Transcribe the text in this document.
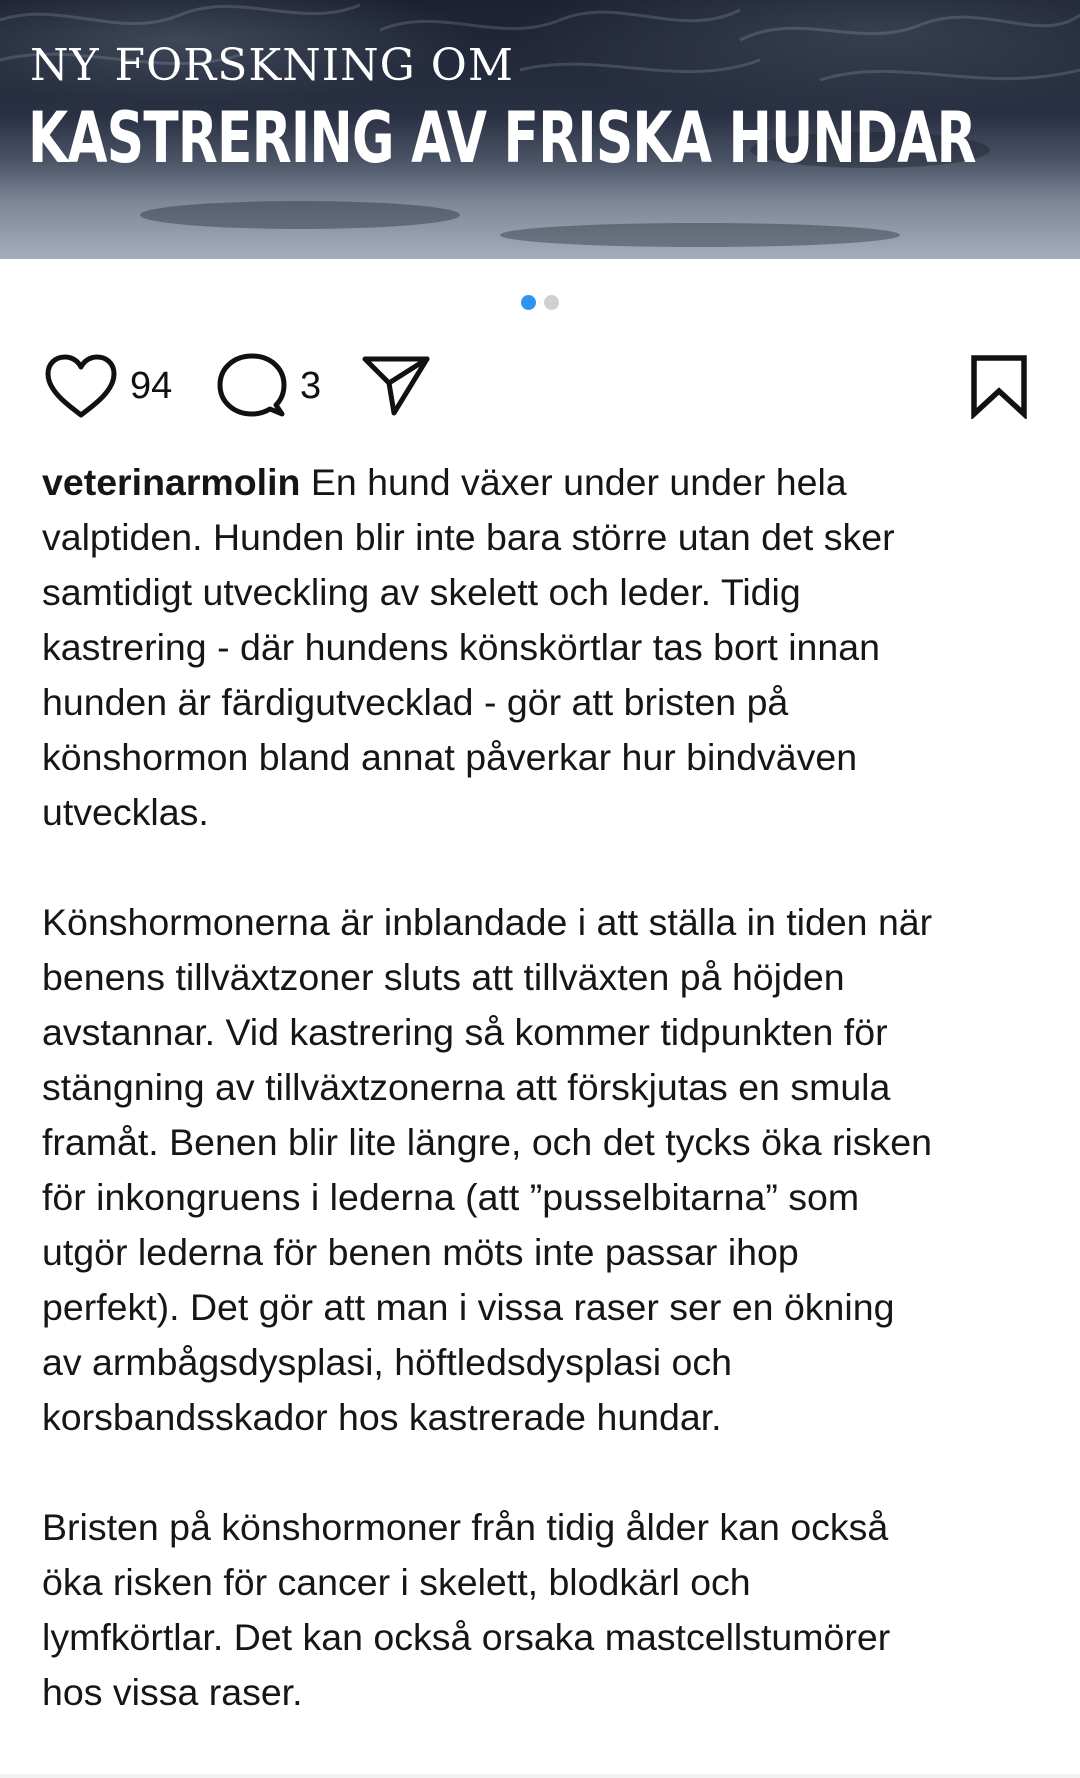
NY FORSKNING OM
KASTRERING AV FRISKA HUNDAR
94	3

veterinarmolin En hund växer under under hela
valptiden. Hunden blir inte bara större utan det sker
samtidigt utveckling av skelett och leder. Tidig
kastrering - där hundens könskörtlar tas bort innan
hunden är färdigutvecklad - gör att bristen på
könshormon bland annat påverkar hur bindväven
utvecklas.

Könshormonerna är inblandade i att ställa in tiden när
benens tillväxtzoner sluts att tillväxten på höjden
avstannar. Vid kastrering så kommer tidpunkten för
stängning av tillväxtzonerna att förskjutas en smula
framåt. Benen blir lite längre, och det tycks öka risken
för inkongruens i lederna (att ”pusselbitarna” som
utgör lederna för benen möts inte passar ihop
perfekt). Det gör att man i vissa raser ser en ökning
av armbågsdysplasi, höftledsdysplasi och
korsbandsskador hos kastrerade hundar.

Bristen på könshormoner från tidig ålder kan också
öka risken för cancer i skelett, blodkärl och
lymfkörtlar. Det kan också orsaka mastcellstumörer
hos vissa raser.
